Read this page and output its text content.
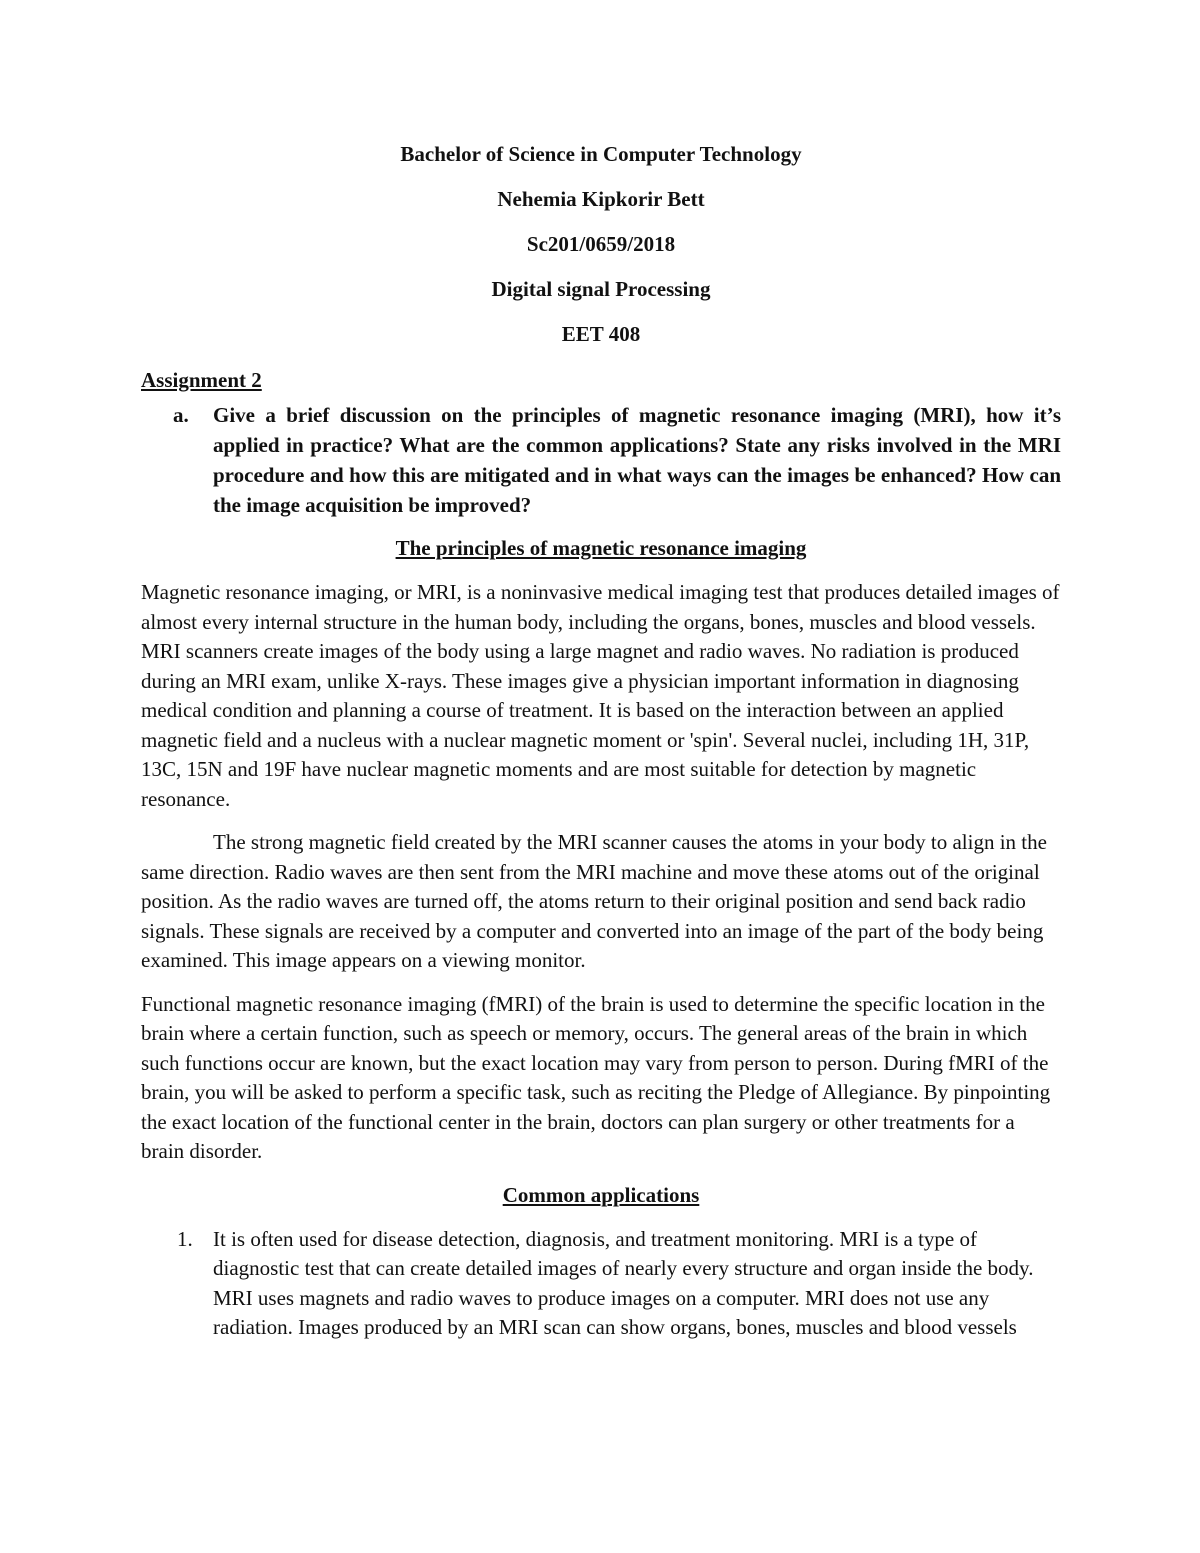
Bachelor of Science in Computer Technology
Nehemia Kipkorir Bett
Sc201/0659/2018
Digital signal Processing
EET 408
Assignment 2
a.	Give a brief discussion on the principles of magnetic resonance imaging (MRI), how it’s applied in practice? What are the common applications? State any risks involved in the MRI procedure and how this are mitigated and in what ways can the images be enhanced? How can the image acquisition be improved?
The principles of magnetic resonance imaging

Magnetic resonance imaging, or MRI, is a noninvasive medical imaging test that produces detailed images of almost every internal structure in the human body, including the organs, bones, muscles and blood vessels. MRI scanners create images of the body using a large magnet and radio waves. No radiation is produced during an MRI exam, unlike X-rays. These images give a physician important information in diagnosing medical condition and planning a course of treatment. It is based on the interaction between an applied magnetic field and a nucleus with a nuclear magnetic moment or 'spin'. Several nuclei, including 1H, 31P, 13C, 15N and 19F have nuclear magnetic moments and are most suitable for detection by magnetic resonance.

The strong magnetic field created by the MRI scanner causes the atoms in your body to align in the same direction. Radio waves are then sent from the MRI machine and move these atoms out of the original position. As the radio waves are turned off, the atoms return to their original position and send back radio signals. These signals are received by a computer and converted into an image of the part of the body being examined. This image appears on a viewing monitor.

Functional magnetic resonance imaging (fMRI) of the brain is used to determine the specific location in the brain where a certain function, such as speech or memory, occurs. The general areas of the brain in which such functions occur are known, but the exact location may vary from person to person. During fMRI of the brain, you will be asked to perform a specific task, such as reciting the Pledge of Allegiance. By pinpointing the exact location of the functional center in the brain, doctors can plan surgery or other treatments for a brain disorder.

Common applications
1. It is often used for disease detection, diagnosis, and treatment monitoring. MRI is a type of diagnostic test that can create detailed images of nearly every structure and organ inside the body. MRI uses magnets and radio waves to produce images on a computer. MRI does not use any radiation. Images produced by an MRI scan can show organs, bones, muscles and blood vessels
